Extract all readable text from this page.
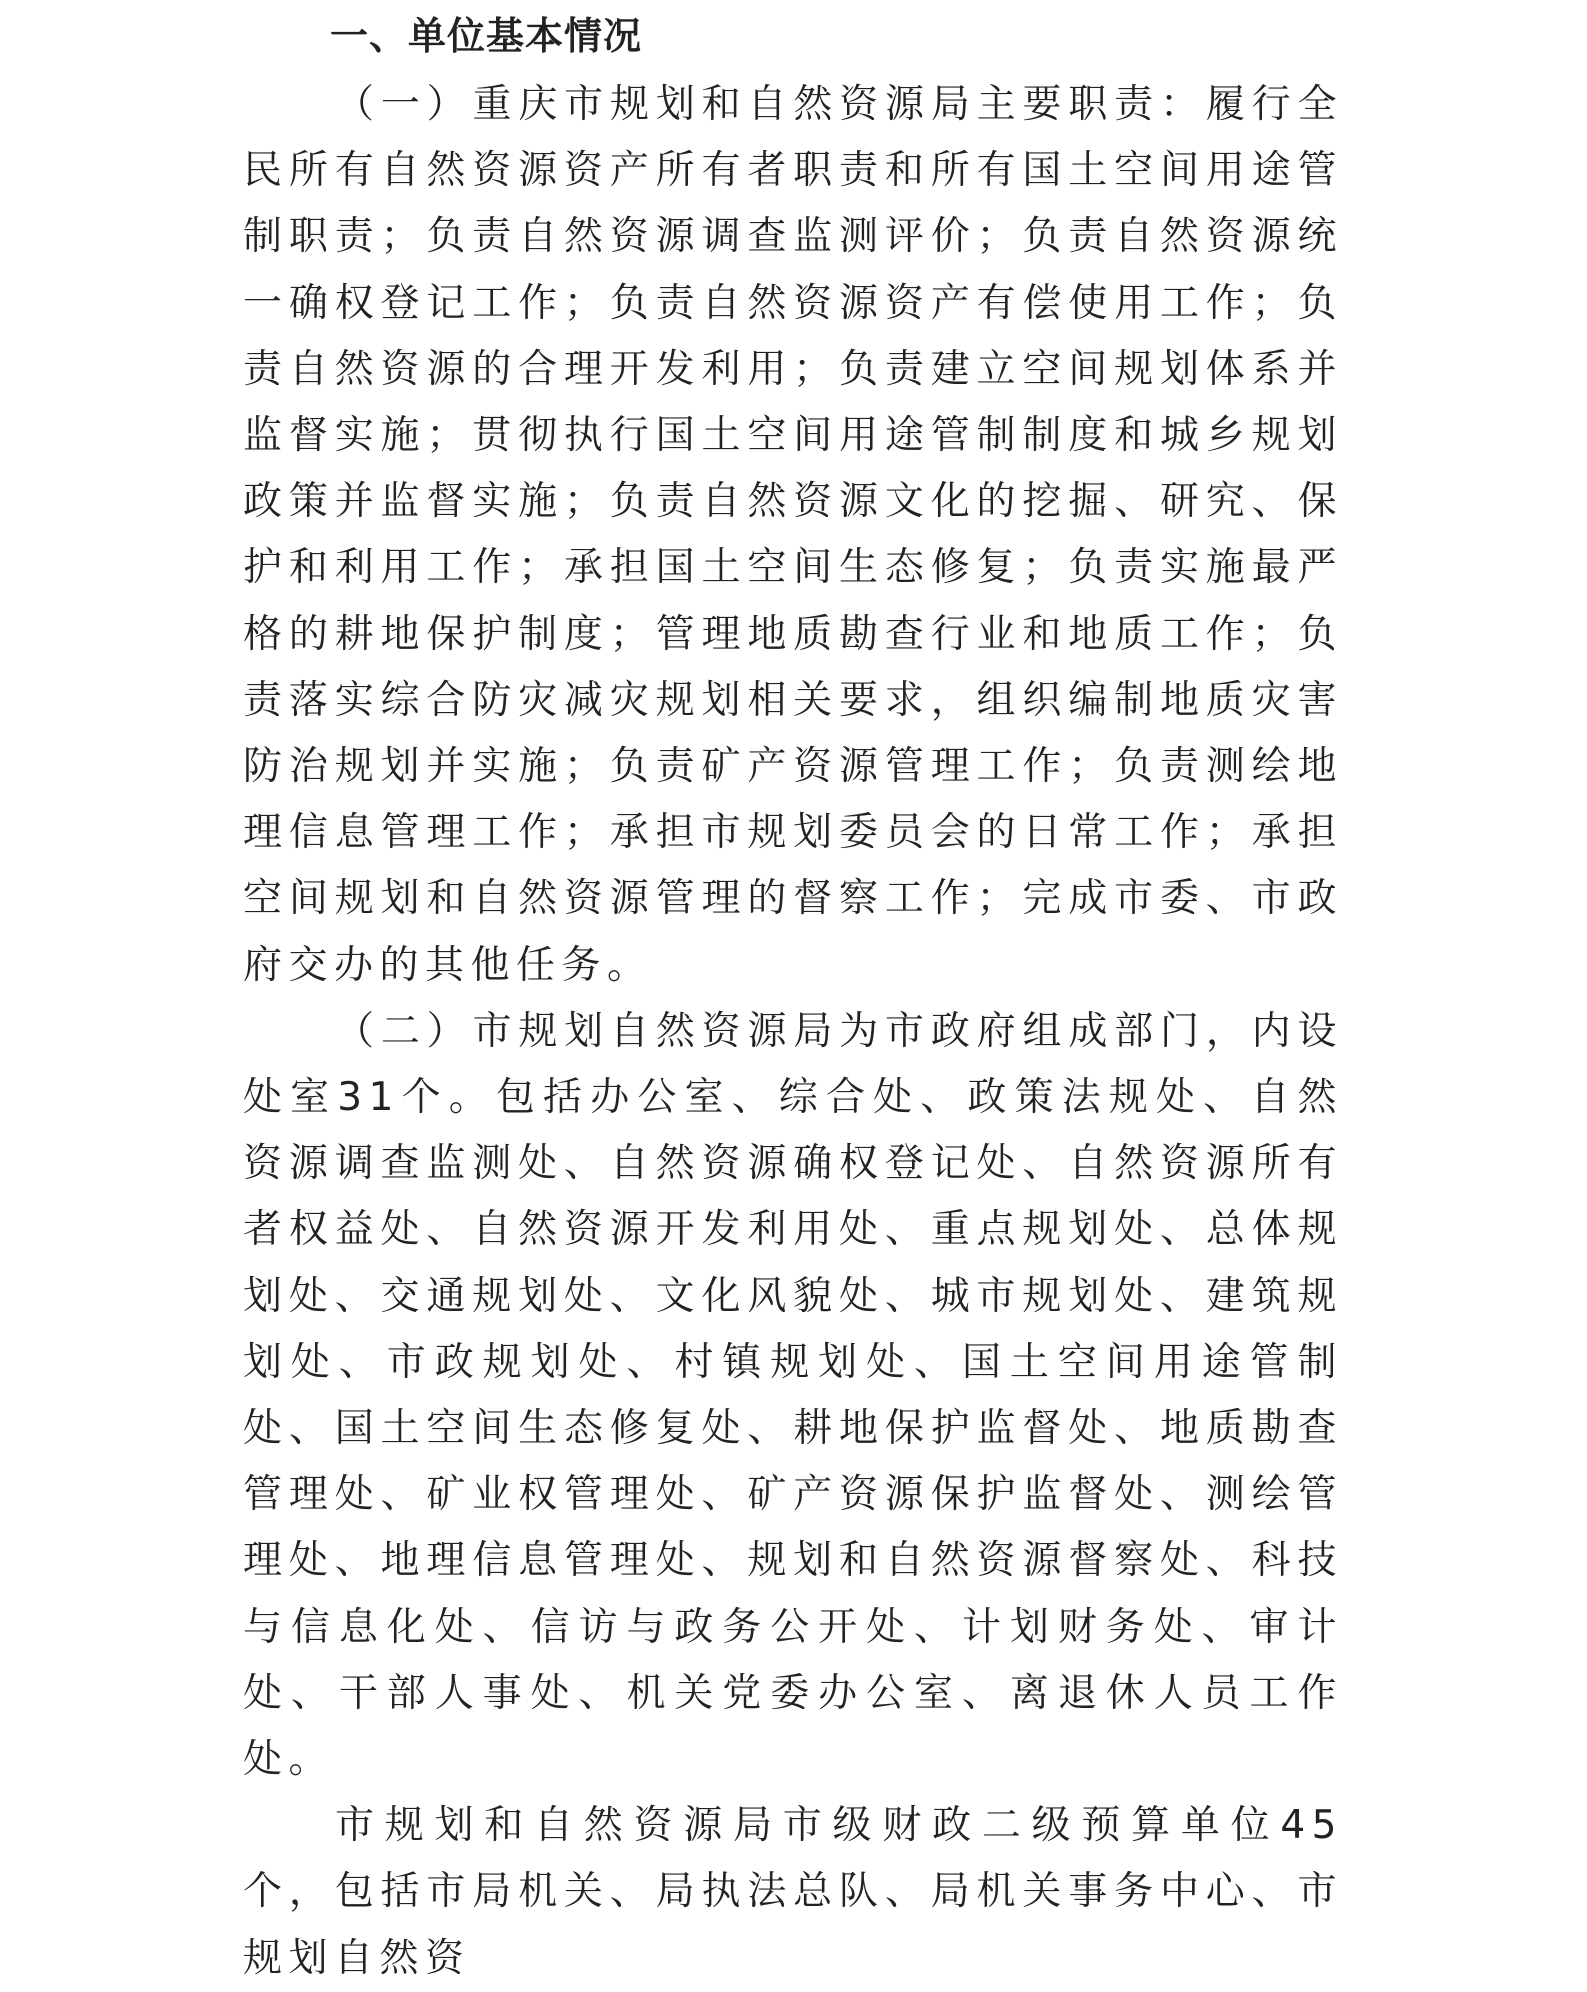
一、单位基本情况

（一）重庆市规划和自然资源局主要职责：履行全民所有自然资源资产所有者职责和所有国土空间用途管制职责；负责自然资源调查监测评价；负责自然资源统一确权登记工作；负责自然资源资产有偿使用工作；负责自然资源的合理开发利用；负责建立空间规划体系并监督实施；贯彻执行国土空间用途管制制度和城乡规划政策并监督实施；负责自然资源文化的挖掘、研究、保护和利用工作；承担国土空间生态修复；负责实施最严格的耕地保护制度；管理地质勘查行业和地质工作；负责落实综合防灾减灾规划相关要求，组织编制地质灾害防治规划并实施；负责矿产资源管理工作；负责测绘地理信息管理工作；承担市规划委员会的日常工作；承担空间规划和自然资源管理的督察工作；完成市委、市政府交办的其他任务。

（二）市规划自然资源局为市政府组成部门，内设处室31个。包括办公室、综合处、政策法规处、自然资源调查监测处、自然资源确权登记处、自然资源所有者权益处、自然资源开发利用处、重点规划处、总体规划处、交通规划处、文化风貌处、城市规划处、建筑规划处、市政规划处、村镇规划处、国土空间用途管制处、国土空间生态修复处、耕地保护监督处、地质勘查管理处、矿业权管理处、矿产资源保护监督处、测绘管理处、地理信息管理处、规划和自然资源督察处、科技与信息化处、信访与政务公开处、计划财务处、审计处、干部人事处、机关党委办公室、离退休人员工作处。

市规划和自然资源局市级财政二级预算单位45个，包括市局机关、局执法总队、局机关事务中心、市规划自然资
